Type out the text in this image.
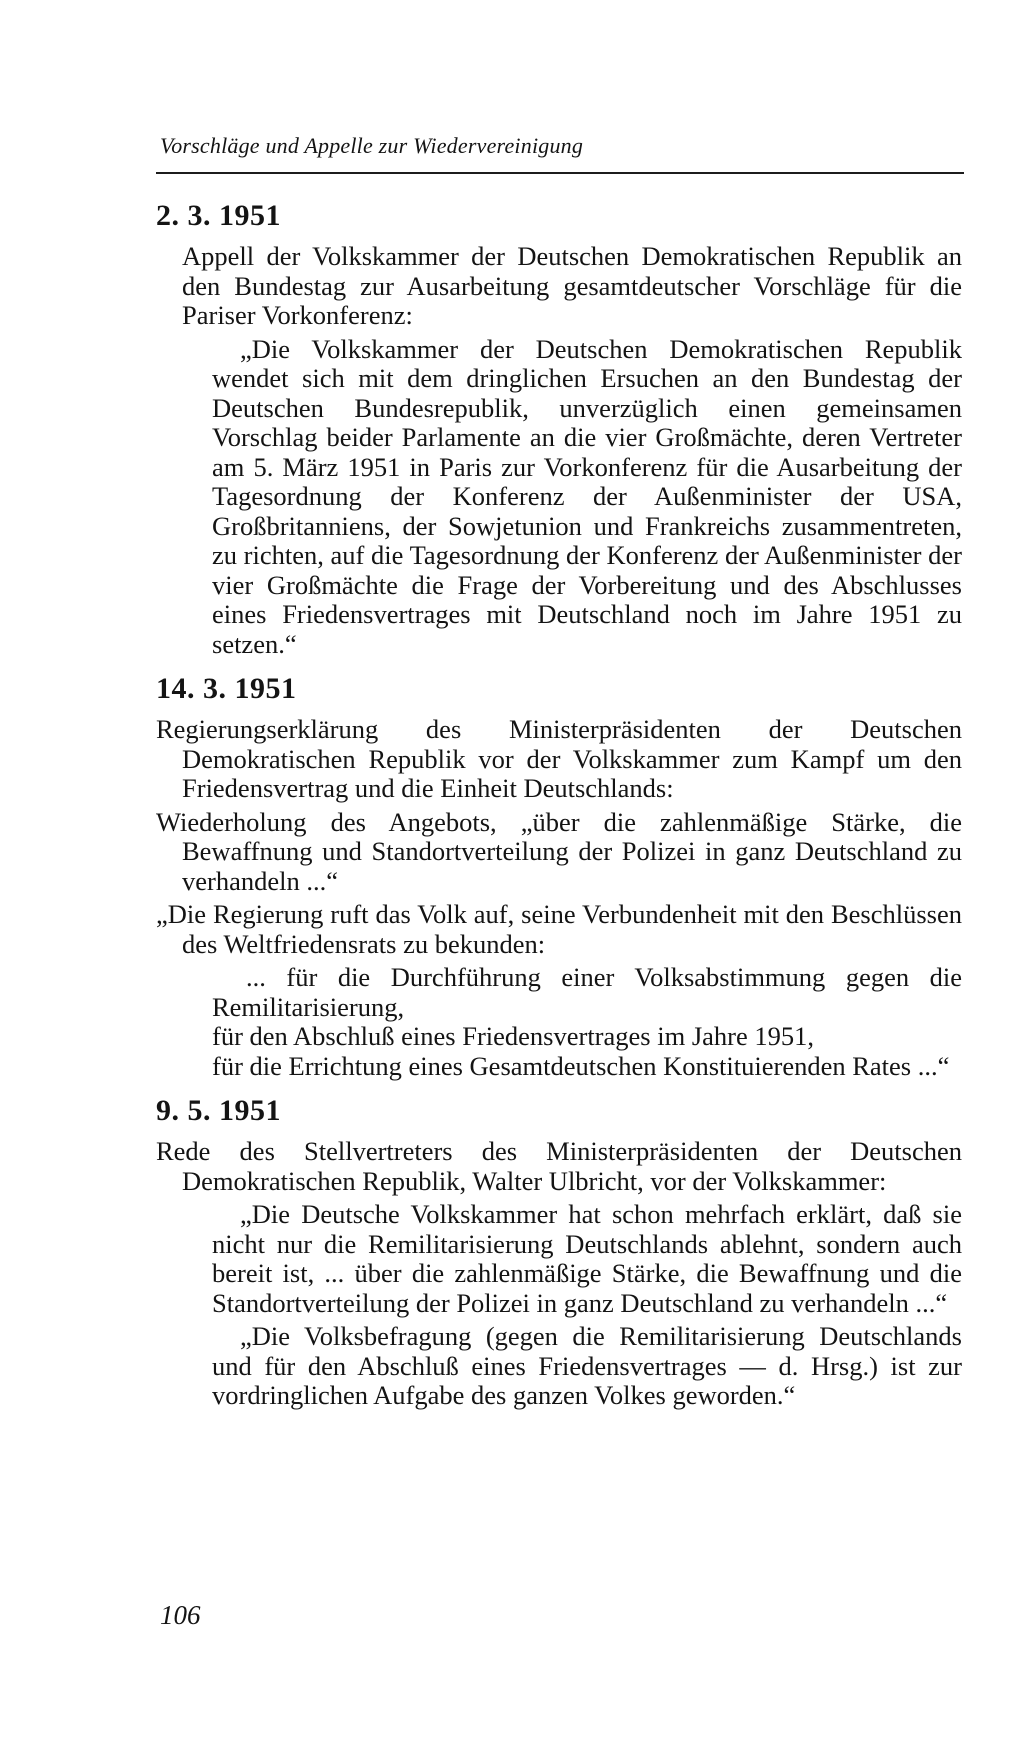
Vorschläge und Appelle zur Wiedervereinigung
2. 3. 1951

Appell der Volkskammer der Deutschen Demokratischen Republik an den Bundestag zur Ausarbeitung gesamtdeutscher Vorschläge für die Pariser Vorkonferenz:

„Die Volkskammer der Deutschen Demokratischen Republik wendet sich mit dem dringlichen Ersuchen an den Bundestag der Deutschen Bundesrepublik, unverzüglich einen gemeinsamen Vorschlag beider Parlamente an die vier Großmächte, deren Vertreter am 5. März 1951 in Paris zur Vorkonferenz für die Ausarbeitung der Tagesordnung der Konferenz der Außenminister der USA, Großbritanniens, der Sowjetunion und Frankreichs zusammentreten, zu richten, auf die Tagesordnung der Konferenz der Außenminister der vier Großmächte die Frage der Vorbereitung und des Abschlusses eines Friedensvertrages mit Deutschland noch im Jahre 1951 zu setzen.“

14. 3. 1951

Regierungserklärung des Ministerpräsidenten der Deutschen Demokratischen Republik vor der Volkskammer zum Kampf um den Friedensvertrag und die Einheit Deutschlands:

Wiederholung des Angebots, „über die zahlenmäßige Stärke, die Bewaffnung und Standortverteilung der Polizei in ganz Deutschland zu verhandeln ...“

„Die Regierung ruft das Volk auf, seine Verbundenheit mit den Beschlüssen des Weltfriedensrats zu bekunden:

... für die Durchführung einer Volksabstimmung gegen die Remilitarisierung,

für den Abschluß eines Friedensvertrages im Jahre 1951,

für die Errichtung eines Gesamtdeutschen Konstituierenden Rates ...“

9. 5. 1951

Rede des Stellvertreters des Ministerpräsidenten der Deutschen Demokratischen Republik, Walter Ulbricht, vor der Volkskammer:

„Die Deutsche Volkskammer hat schon mehrfach erklärt, daß sie nicht nur die Remilitarisierung Deutschlands ablehnt, sondern auch bereit ist, ... über die zahlenmäßige Stärke, die Bewaffnung und die Standortverteilung der Polizei in ganz Deutschland zu verhandeln ...“

„Die Volksbefragung (gegen die Remilitarisierung Deutschlands und für den Abschluß eines Friedensvertrages — d. Hrsg.) ist zur vordringlichen Aufgabe des ganzen Volkes geworden.“

106
